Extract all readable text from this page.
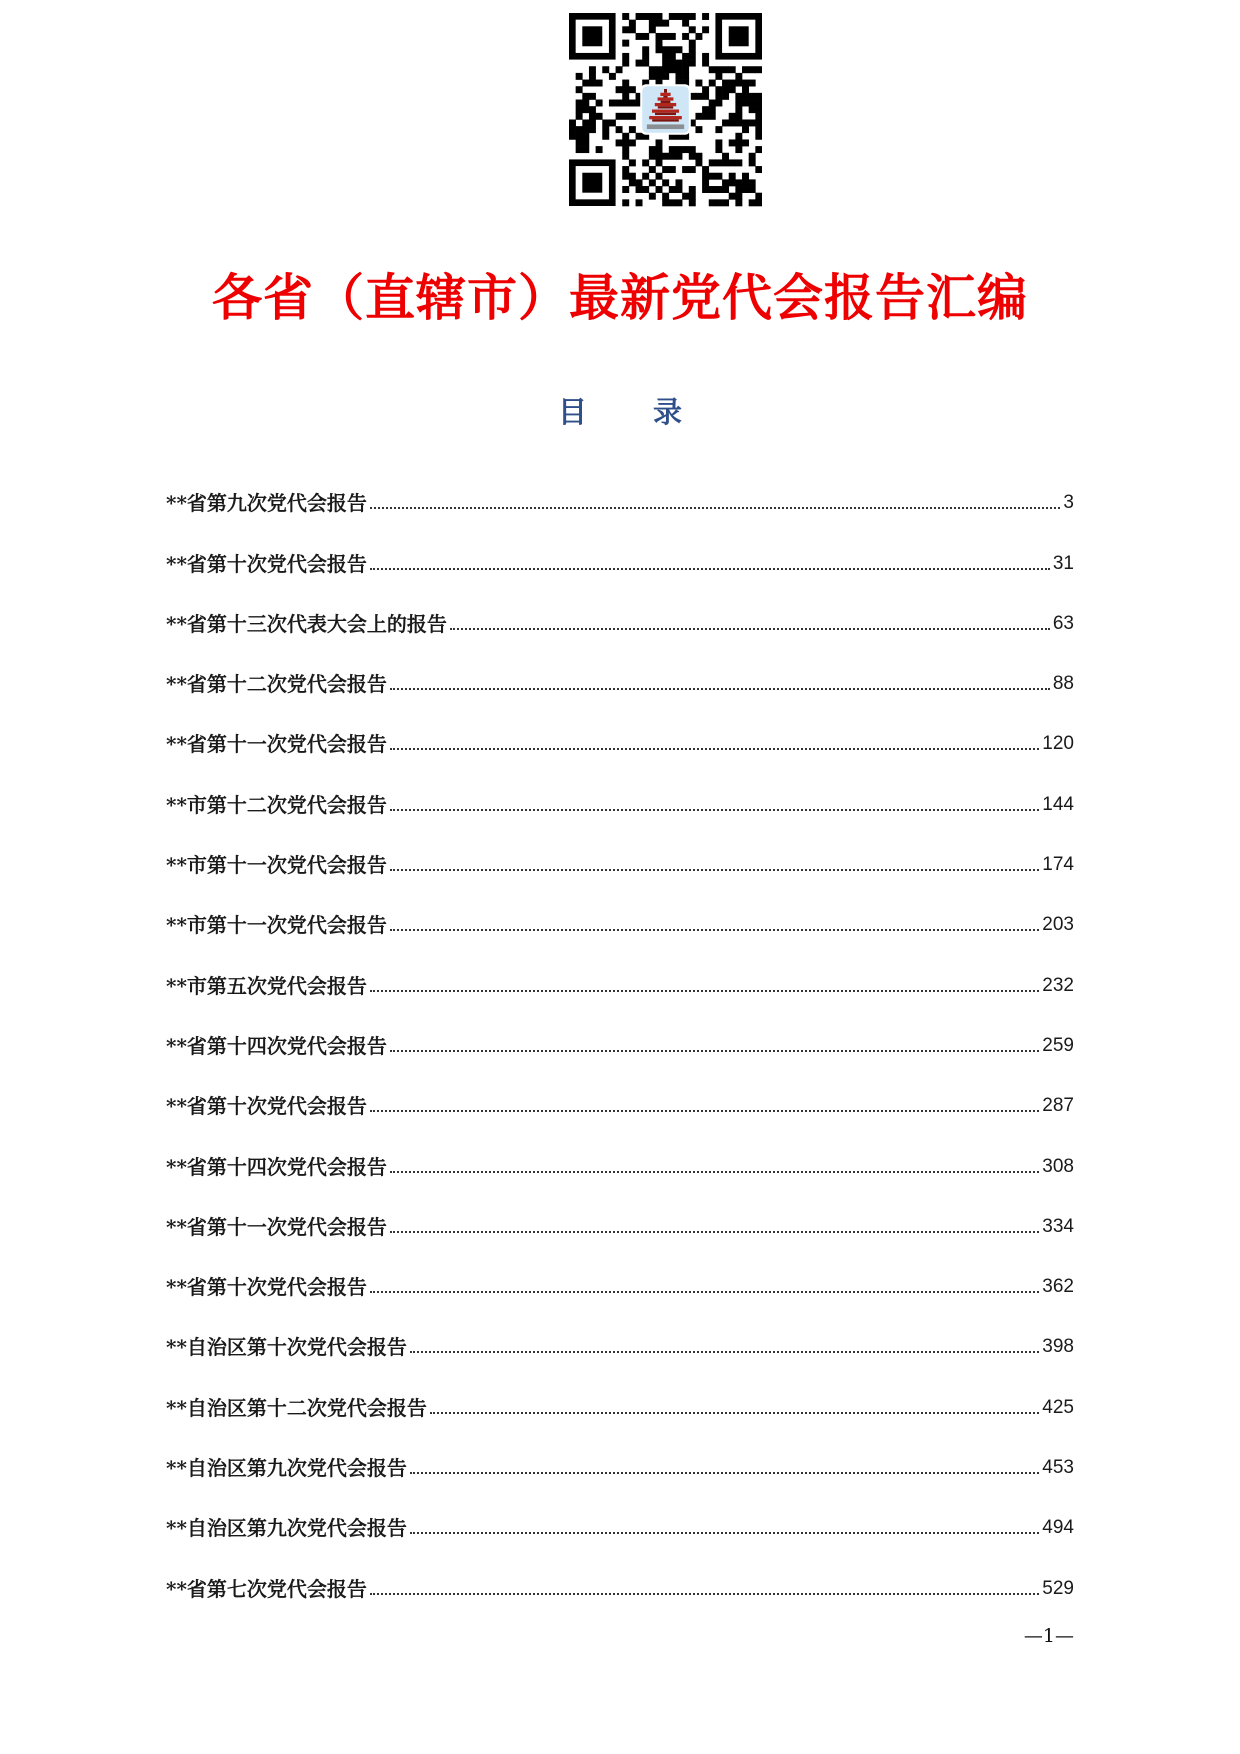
各省（直辖市）最新党代会报告汇编
目 录
**省第九次党代会报告	3
**省第十次党代会报告	31
**省第十三次代表大会上的报告	63
**省第十二次党代会报告	88
**省第十一次党代会报告	120
**市第十二次党代会报告	144
**市第十一次党代会报告	174
**市第十一次党代会报告	203
**市第五次党代会报告	232
**省第十四次党代会报告	259
**省第十次党代会报告	287
**省第十四次党代会报告	308
**省第十一次党代会报告	334
**省第十次党代会报告	362
**自治区第十次党代会报告	398
**自治区第十二次党代会报告	425
**自治区第九次党代会报告	453
**自治区第九次党代会报告	494
**省第七次党代会报告	529
—1—
